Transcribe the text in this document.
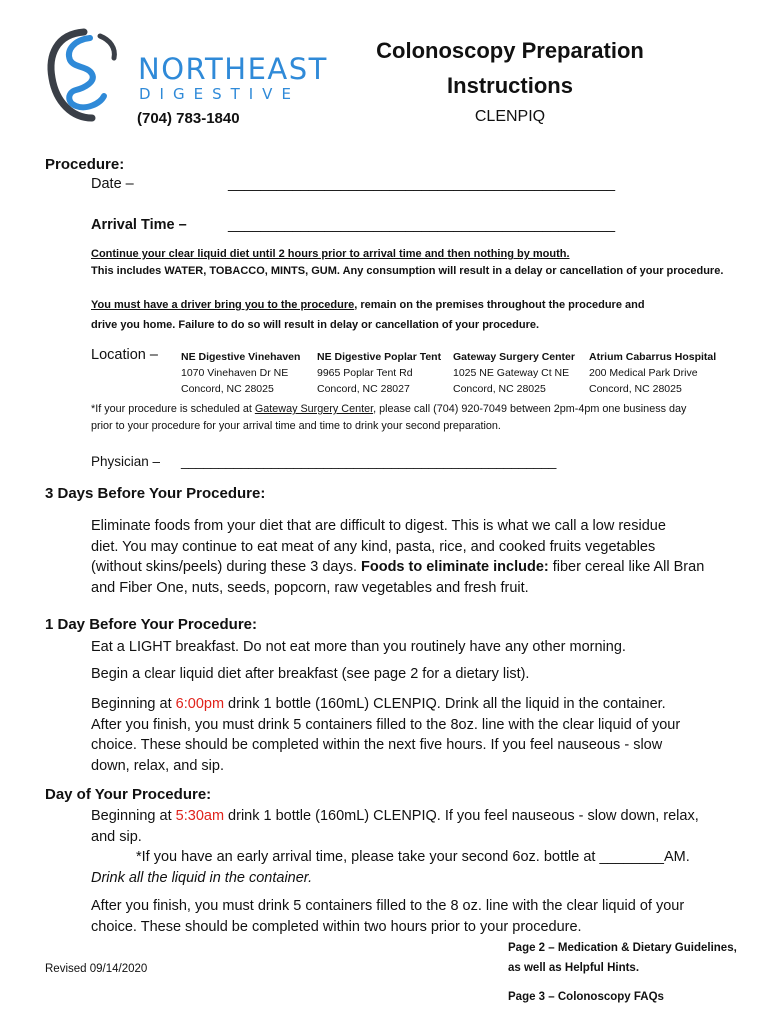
NORTHEAST
DIGESTIVE
(704) 783-1840
Colonoscopy Preparation
Instructions
CLENPIQ
Procedure:
Date –	________________________________________________
Arrival Time –	________________________________________________
Continue your clear liquid diet until 2 hours prior to arrival time and then nothing by mouth.
This includes WATER, TOBACCO, MINTS, GUM. Any consumption will result in a delay or cancellation of your procedure.
You must have a driver bring you to the procedure, remain on the premises throughout the procedure and
drive you home. Failure to do so will result in delay or cancellation of your procedure.
Location – NE Digestive Vinehaven
1070 Vinehaven Dr NE
Concord, NC 28025
NE Digestive Poplar Tent
9965 Poplar Tent Rd
Concord, NC 28027
Gateway Surgery Center
1025 NE Gateway Ct NE
Concord, NC 28025
Atrium Cabarrus Hospital
200 Medical Park Drive
Concord, NC 28025
*If your procedure is scheduled at Gateway Surgery Center, please call (704) 920-7049 between 2pm-4pm one business day
prior to your procedure for your arrival time and time to drink your second preparation.
Physician – __________________________________________________
3 Days Before Your Procedure:
Eliminate foods from your diet that are difficult to digest. This is what we call a low residue
diet. You may continue to eat meat of any kind, pasta, rice, and cooked fruits vegetables
(without skins/peels) during these 3 days. Foods to eliminate include: fiber cereal like All Bran
and Fiber One, nuts, seeds, popcorn, raw vegetables and fresh fruit.
1 Day Before Your Procedure:
Eat a LIGHT breakfast. Do not eat more than you routinely have any other morning.
Begin a clear liquid diet after breakfast (see page 2 for a dietary list).
Beginning at 6:00pm drink 1 bottle (160mL) CLENPIQ. Drink all the liquid in the container.
After you finish, you must drink 5 containers filled to the 8oz. line with the clear liquid of your
choice. These should be completed within the next five hours. If you feel nauseous - slow
down, relax, and sip.
Day of Your Procedure:
Beginning at 5:30am drink 1 bottle (160mL) CLENPIQ. If you feel nauseous - slow down, relax,
and sip.
*If you have an early arrival time, please take your second 6oz. bottle at ________AM.
Drink all the liquid in the container.
After you finish, you must drink 5 containers filled to the 8 oz. line with the clear liquid of your
choice. These should be completed within two hours prior to your procedure.
Revised 09/14/2020
Page 2 – Medication & Dietary Guidelines,
as well as Helpful Hints.
Page 3 – Colonoscopy FAQs
